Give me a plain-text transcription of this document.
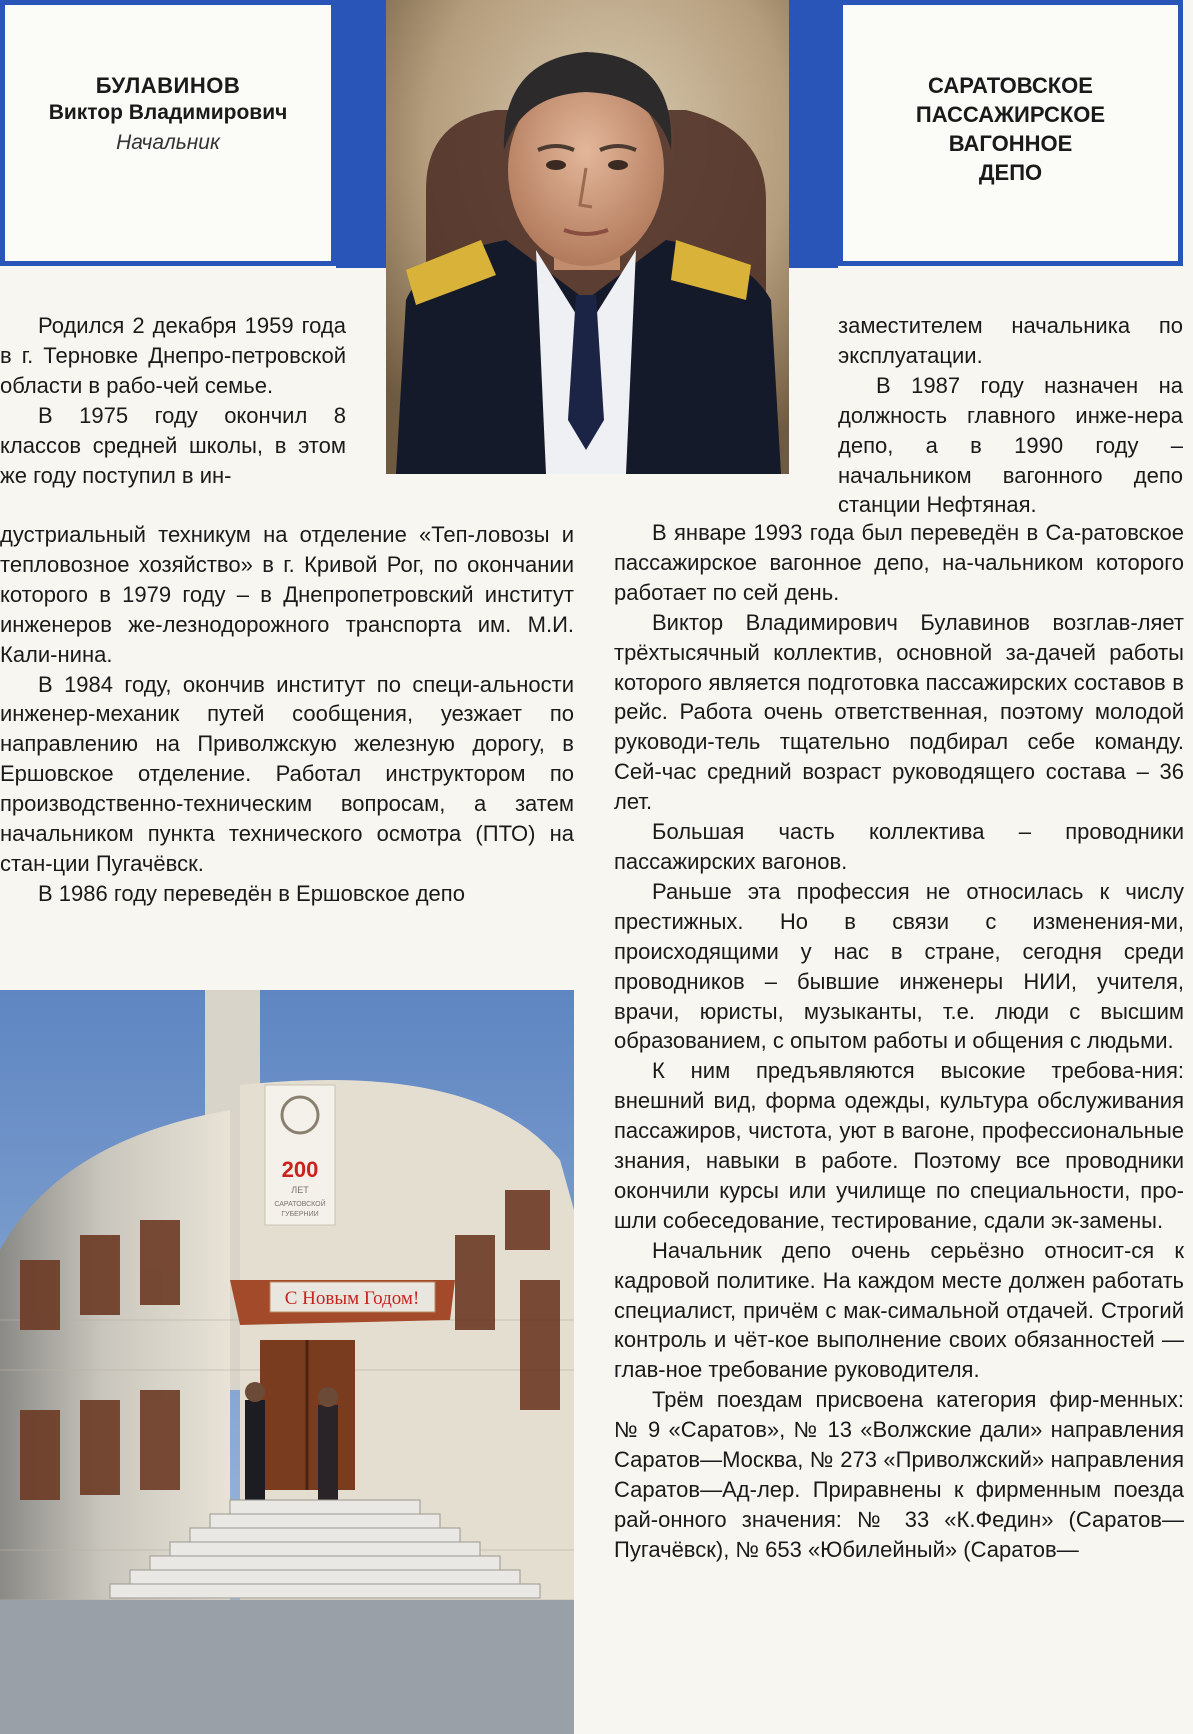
БУЛАВИНОВ
Виктор Владимирович
Начальник
САРАТОВСКОЕ
ПАССАЖИРСКОЕ
ВАГОННОЕ
ДЕПО

Родился 2 декабря 1959 года в г. Терновке Днепро-петровской области в рабо-чей семье.

В 1975 году окончил 8 классов средней школы, в этом же году поступил в ин-

дустриальный техникум на отделение «Теп-ловозы и тепловозное хозяйство» в г. Кривой Рог, по окончании которого в 1979 году – в Днепропетровский институт инженеров же-лезнодорожного транспорта им. М.И. Кали-нина.

В 1984 году, окончив институт по специ-альности инженер-механик путей сообщения, уезжает по направлению на Приволжскую железную дорогу, в Ершовское отделение. Работал инструктором по производственно-техническим вопросам, а затем начальником пункта технического осмотра (ПТО) на стан-ции Пугачёвск.

В 1986 году переведён в Ершовское депо

заместителем начальника по эксплуатации.

В 1987 году назначен на должность главного инже-нера депо, а в 1990 году – начальником вагонного депо станции Нефтяная.

В январе 1993 года был переведён в Са-ратовское пассажирское вагонное депо, на-чальником которого работает по сей день.

Виктор Владимирович Булавинов возглав-ляет трёхтысячный коллектив, основной за-дачей работы которого является подготовка пассажирских составов в рейс. Работа очень ответственная, поэтому молодой руководи-тель тщательно подбирал себе команду. Сей-час средний возраст руководящего состава – 36 лет.

Большая часть коллектива – проводники пассажирских вагонов.

Раньше эта профессия не относилась к числу престижных. Но в связи с изменения-ми, происходящими у нас в стране, сегодня среди проводников – бывшие инженеры НИИ, учителя, врачи, юристы, музыканты, т.е. люди с высшим образованием, с опытом работы и общения с людьми.

К ним предъявляются высокие требова-ния: внешний вид, форма одежды, культура обслуживания пассажиров, чистота, уют в вагоне, профессиональные знания, навыки в работе. Поэтому все проводники окончили курсы или училище по специальности, про-шли собеседование, тестирование, сдали эк-замены.

Начальник депо очень серьёзно относит-ся к кадровой политике. На каждом месте должен работать специалист, причём с мак-симальной отдачей. Строгий контроль и чёт-кое выполнение своих обязанностей — глав-ное требование руководителя.

Трём поездам присвоена категория фир-менных: № 9 «Саратов», № 13 «Волжские дали» направления Саратов—Москва, № 273 «Приволжский» направления Саратов—Ад-лер. Приравнены к фирменным поезда рай-онного значения: № 33 «К.Федин» (Саратов—Пугачёвск), № 653 «Юбилейный» (Саратов—

200
ЛЕТ
САРАТОВСКОЙ
ГУБЕРНИИ
С Новым Годом!
